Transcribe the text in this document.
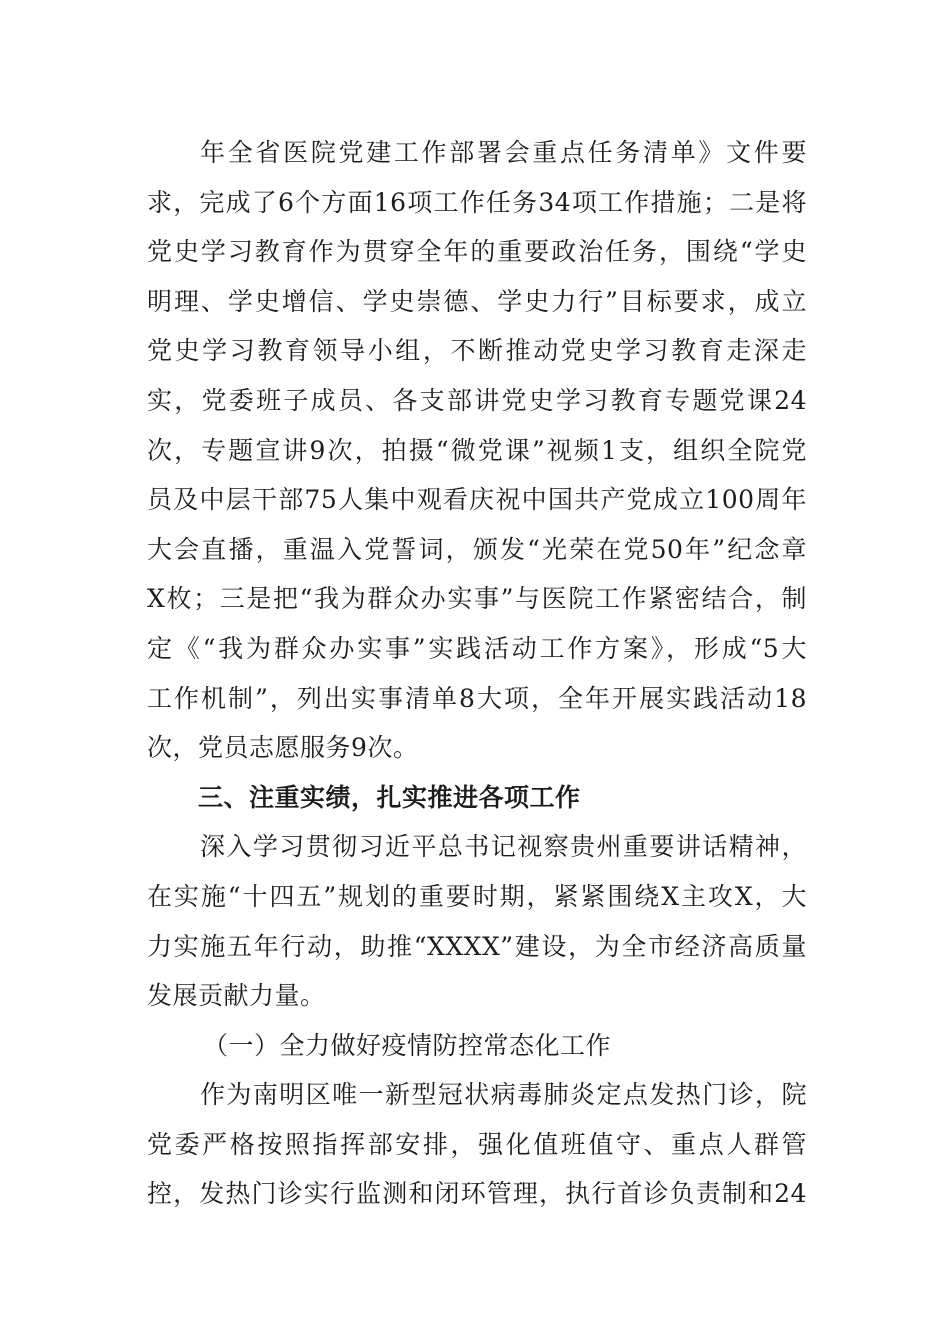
年全省医院党建工作部署会重点任务清单》文件要
求，完成了6个方面16项工作任务34项工作措施；二是将
党史学习教育作为贯穿全年的重要政治任务，围绕“学史
明理、学史增信、学史崇德、学史力行”目标要求，成立
党史学习教育领导小组，不断推动党史学习教育走深走
实，党委班子成员、各支部讲党史学习教育专题党课24
次，专题宣讲9次，拍摄“微党课”视频1支，组织全院党
员及中层干部75人集中观看庆祝中国共产党成立100周年
大会直播，重温入党誓词，颁发“光荣在党50年”纪念章
X枚；三是把“我为群众办实事”与医院工作紧密结合，制
定《“我为群众办实事”实践活动工作方案》，形成“5大
工作机制”，列出实事清单8大项，全年开展实践活动18
次，党员志愿服务9次。
三、注重实绩，扎实推进各项工作
深入学习贯彻习近平总书记视察贵州重要讲话精神，
在实施“十四五”规划的重要时期，紧紧围绕X主攻X，大
力实施五年行动，助推“XXXX”建设，为全市经济高质量
发展贡献力量。
（一）全力做好疫情防控常态化工作
作为南明区唯一新型冠状病毒肺炎定点发热门诊，院
党委严格按照指挥部安排，强化值班值守、重点人群管
控，发热门诊实行监测和闭环管理，执行首诊负责制和24
